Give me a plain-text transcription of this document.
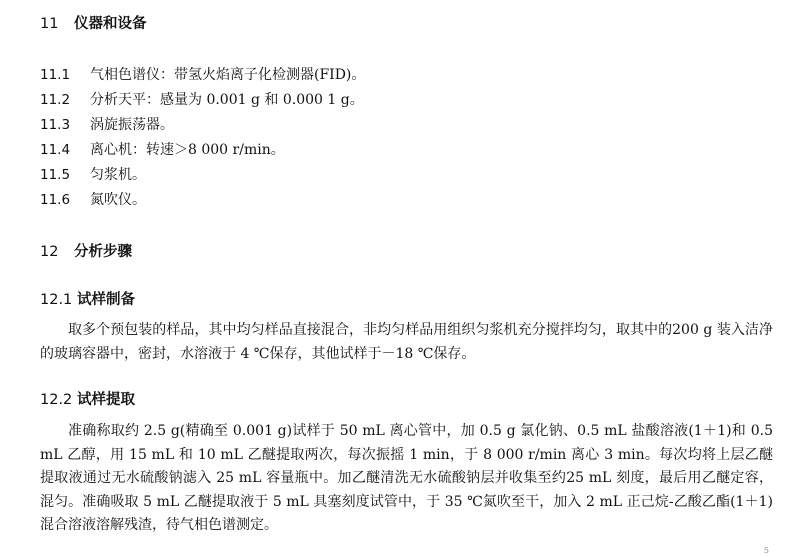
11 仪器和设备
11.1 气相色谱仪：带氢火焰离子化检测器(FID)。
11.2 分析天平：感量为 0.001 g 和 0.000 1 g。
11.3 涡旋振荡器。
11.4 离心机：转速＞8 000 r/min。
11.5 匀浆机。
11.6 氮吹仪。
12 分析步骤
12.1 试样制备

取多个预包装的样品，其中均匀样品直接混合，非均匀样品用组织匀浆机充分搅拌均匀，取其中的200 g 装入洁净的玻璃容器中，密封，水溶液于 4 ℃保存，其他试样于－18 ℃保存。

12.2 试样提取

准确称取约 2.5 g(精确至 0.001 g)试样于 50 mL 离心管中，加 0.5 g 氯化钠、0.5 mL 盐酸溶液(1＋1)和 0.5 mL 乙醇，用 15 mL 和 10 mL 乙醚提取两次，每次振摇 1 min，于 8 000 r/min 离心 3 min。每次均将上层乙醚提取液通过无水硫酸钠滤入 25 mL 容量瓶中。加乙醚清洗无水硫酸钠层并收集至约25 mL 刻度，最后用乙醚定容，混匀。准确吸取 5 mL 乙醚提取液于 5 mL 具塞刻度试管中，于 35 ℃氮吹至干，加入 2 mL 正己烷-乙酸乙酯(1＋1)混合溶液溶解残渣，待气相色谱测定。

5
